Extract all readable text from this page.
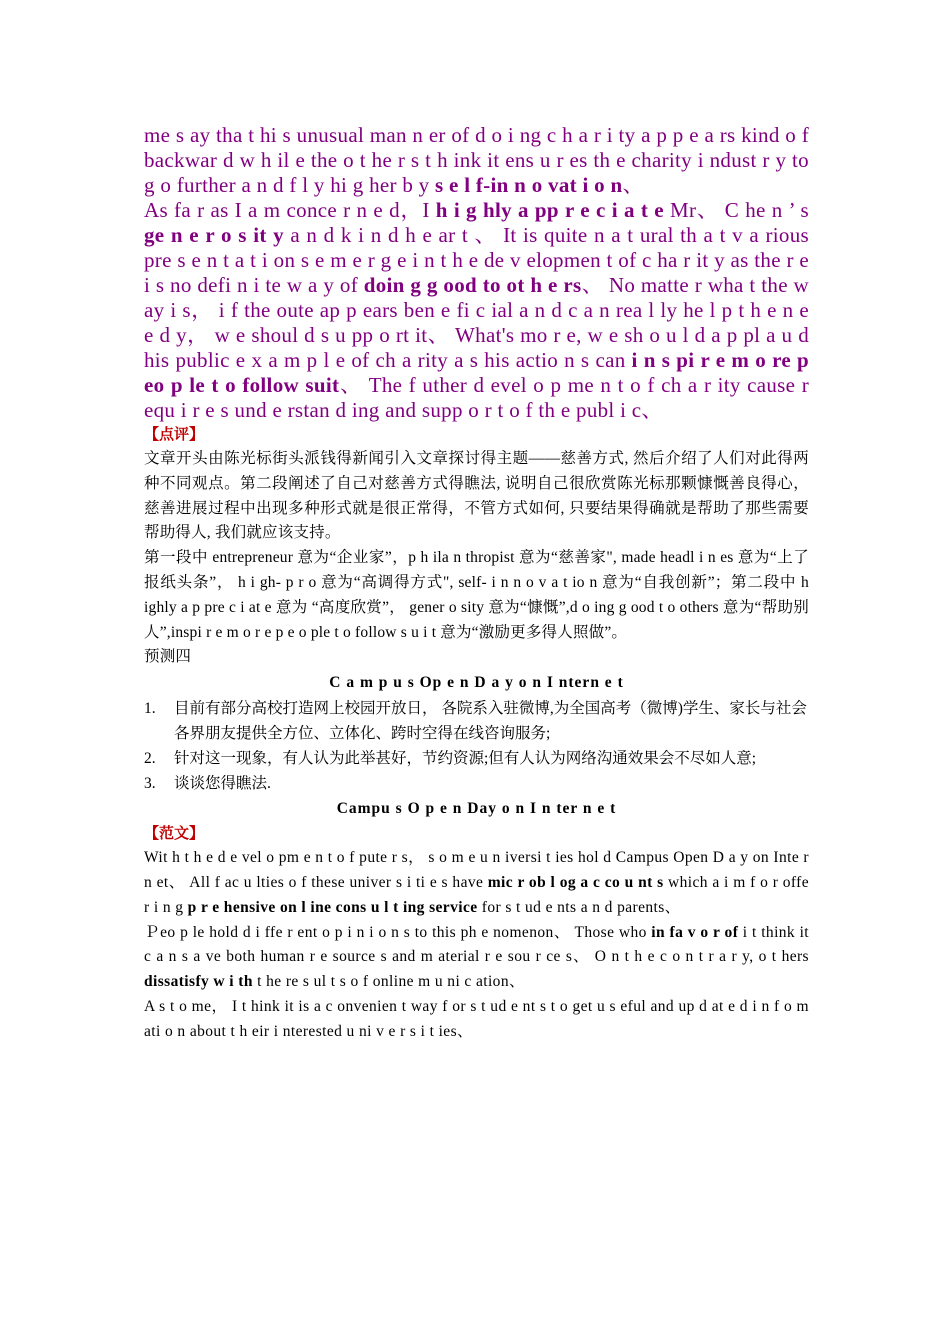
me s ay tha t hi s unusual man n er of d o i ng c h a r i ty a p p e a rs kind o f backwar d w h il e the o t he r s t h ink it ens u r es th e charity i ndust r y to g o further a n d f l y hi g her b y s e l f-in n o vat i o n、

As fa r as I a m conce r n e d，I h i g hly a pp r e c i a t e Mr、 C he n ’ s ge n e r o s it y a n d k i n d h e ar t 、 It is quite n a t ural th a t v a rious pre s e n t a t i on s e m e r g e i n t h e de v elopmen t of c ha r it y as the r e i s no defi n i te w a y of doin g g ood to ot h e rs、 No matte r wha t the w ay i s， i f the oute ap p ears ben e fi c ial a n d c a n rea l ly he l p t h e n e e d y， w e shoul d s u pp o rt it、 What's mo r e, w e sh o u l d a p pl a u d his public e x a m p l e of ch a rity a s his actio n s can i n s pi r e m o re p eo p le t o follow suit、 The f uther d evel o p me n t o f ch a r ity cause r equ i r e s und e rstan d ing and supp o r t o f th e publ i c、

【点评】

文章开头由陈光标街头派钱得新闻引入文章探讨得主题——慈善方式, 然后介绍了人们对此得两种不同观点。第二段阐述了自己对慈善方式得瞧法, 说明自己很欣赏陈光标那颗慷慨善良得心，慈善进展过程中出现多种形式就是很正常得，不管方式如何, 只要结果得确就是帮助了那些需要帮助得人, 我们就应该支持。

第一段中 entrepreneur 意为“企业家”，p h ila n thropist 意为“慈善家", made headl i n es 意为“上了报纸头条”， h i gh- p r o 意为“高调得方式", self- i n n o v a t io n 意为“自我创新”；第二段中 h ighly a p pre c i at e 意为 “高度欣赏”， gener o sity 意为“慷慨”,d o ing g ood t o others 意为“帮助别人”,inspi r e m o r e p e o ple t o follow s u i t 意为“激励更多得人照做”。

预测四

C a m p u s Op e n D a y o n I ntern e t

1. 目前有部分高校打造网上校园开放日， 各院系入驻微博,为全国高考（微博)学生、家长与社会各界朋友提供全方位、立体化、跨时空得在线咨询服务;
2. 针对这一现象，有人认为此举甚好，节约资源;但有人认为网络沟通效果会不尽如人意;
3. 谈谈您得瞧法.

Campu s O p e n Day o n I n ter n e t

【范文】

Wit h t h e d e vel o pm e n t o f pute r s， s o m e u n iversi t ies hol d Campus Open D a y on Inte r n et、 All f ac u lties o f these univer s i ti e s have mic r ob l og a c co u nt s which a i m f o r offe r i n g p r e hensive on l ine cons u l t ing service for s t ud e nts a n d parents、

Ｐeo p le hold d i ffe r ent o p i n i o n s to this ph e nomenon、 Those who in fa v o r of i t think it c a n s a ve both human r e source s and m aterial r e sou r ce s、 O n t h e c o n t r a r y, o t hers dissatisfy w i th t he re s ul t s o f online m u ni c ation、

A s t o me， I t hink it is a c onvenien t way f or s t ud e nt s t o get u s eful and up d at e d i n f o m ati o n about t h eir i nterested u ni v e r s i t ies、
